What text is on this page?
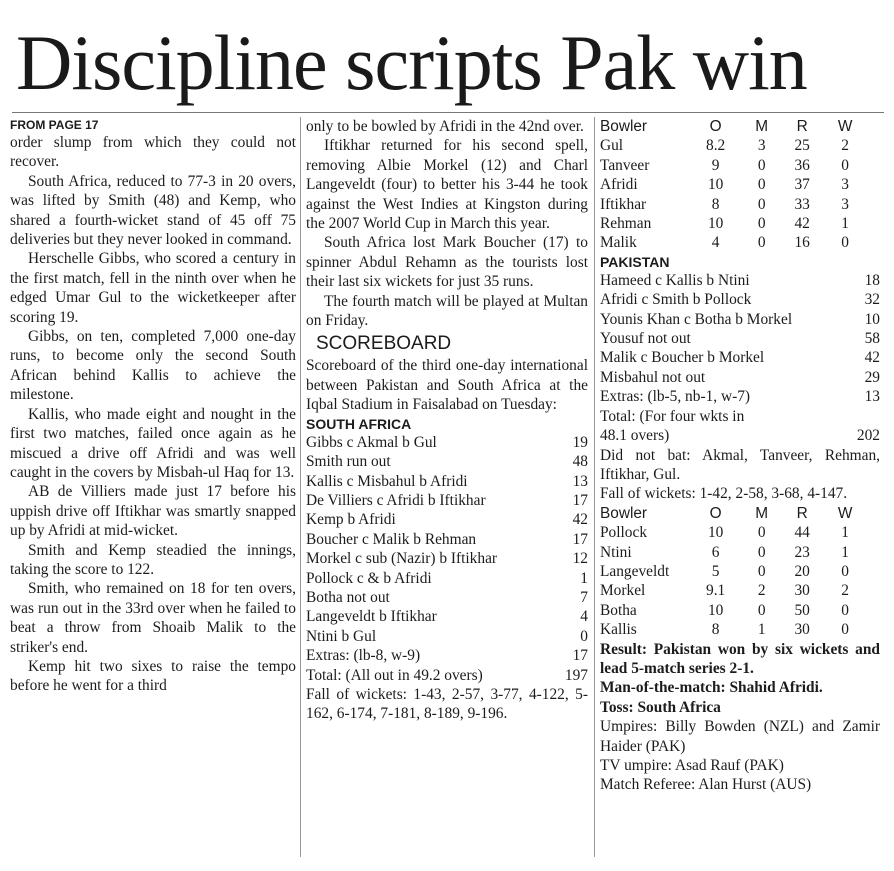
Discipline scripts Pak win
FROM PAGE 17

order slump from which they could not recover.

South Africa, reduced to 77-3 in 20 overs, was lifted by Smith (48) and Kemp, who shared a fourth-wicket stand of 45 off 75 deliveries but they never looked in command.

Herschelle Gibbs, who scored a century in the first match, fell in the ninth over when he edged Umar Gul to the wicketkeeper after scoring 19.

Gibbs, on ten, completed 7,000 one-day runs, to become only the second South African behind Kallis to achieve the milestone.

Kallis, who made eight and nought in the first two matches, failed once again as he miscued a drive off Afridi and was well caught in the covers by Misbah-ul Haq for 13.

AB de Villiers made just 17 before his uppish drive off Iftikhar was smartly snapped up by Afridi at mid-wicket.

Smith and Kemp steadied the innings, taking the score to 122.

Smith, who remained on 18 for ten overs, was run out in the 33rd over when he failed to beat a throw from Shoaib Malik to the striker's end.

Kemp hit two sixes to raise the tempo before he went for a third

only to be bowled by Afridi in the 42nd over.

Iftikhar returned for his second spell, removing Albie Morkel (12) and Charl Langeveldt (four) to better his 3-44 he took against the West Indies at Kingston during the 2007 World Cup in March this year.

South Africa lost Mark Boucher (17) to spinner Abdul Rehamn as the tourists lost their last six wickets for just 35 runs.

The fourth match will be played at Multan on Friday.

SCOREBOARD

Scoreboard of the third one-day international between Pakistan and South Africa at the Iqbal Stadium in Faisalabad on Tuesday:

SOUTH AFRICA
Gibbs c Akmal b Gul	19
Smith run out	48
Kallis c Misbahul b Afridi	13
De Villiers c Afridi b Iftikhar	17
Kemp b Afridi	42
Boucher c Malik b Rehman	17
Morkel c sub (Nazir) b Iftikhar	12
Pollock c & b Afridi	1
Botha not out	7
Langeveldt b Iftikhar	4
Ntini b Gul	0
Extras: (lb-8, w-9)	17
Total: (All out in 49.2 overs)	197

Fall of wickets: 1-43, 2-57, 3-77, 4-122, 5-162, 6-174, 7-181, 8-189, 9-196.

Bowler	O	M	R	W
Gul	8.2	3	25	2
Tanveer	9	0	36	0
Afridi	10	0	37	3
Iftikhar	8	0	33	3
Rehman	10	0	42	1
Malik	4	0	16	0
PAKISTAN
Hameed c Kallis b Ntini	18
Afridi c Smith b Pollock	32
Younis Khan c Botha b Morkel	10
Yousuf not out	58
Malik c Boucher b Morkel	42
Misbahul not out	29
Extras: (lb-5, nb-1, w-7)	13
Total: (For four wkts in
48.1 overs)	202

Did not bat: Akmal, Tanveer, Rehman, Iftikhar, Gul.

Fall of wickets: 1-42, 2-58, 3-68, 4-147.

Bowler	O	M	R	W
Pollock	10	0	44	1
Ntini	6	0	23	1
Langeveldt	5	0	20	0
Morkel	9.1	2	30	2
Botha	10	0	50	0
Kallis	8	1	30	0

Result: Pakistan won by six wickets and lead 5-match series 2-1.

Man-of-the-match: Shahid Afridi.
Toss: South Africa

Umpires: Billy Bowden (NZL) and Zamir Haider (PAK)

TV umpire: Asad Rauf (PAK)
Match Referee: Alan Hurst (AUS)
